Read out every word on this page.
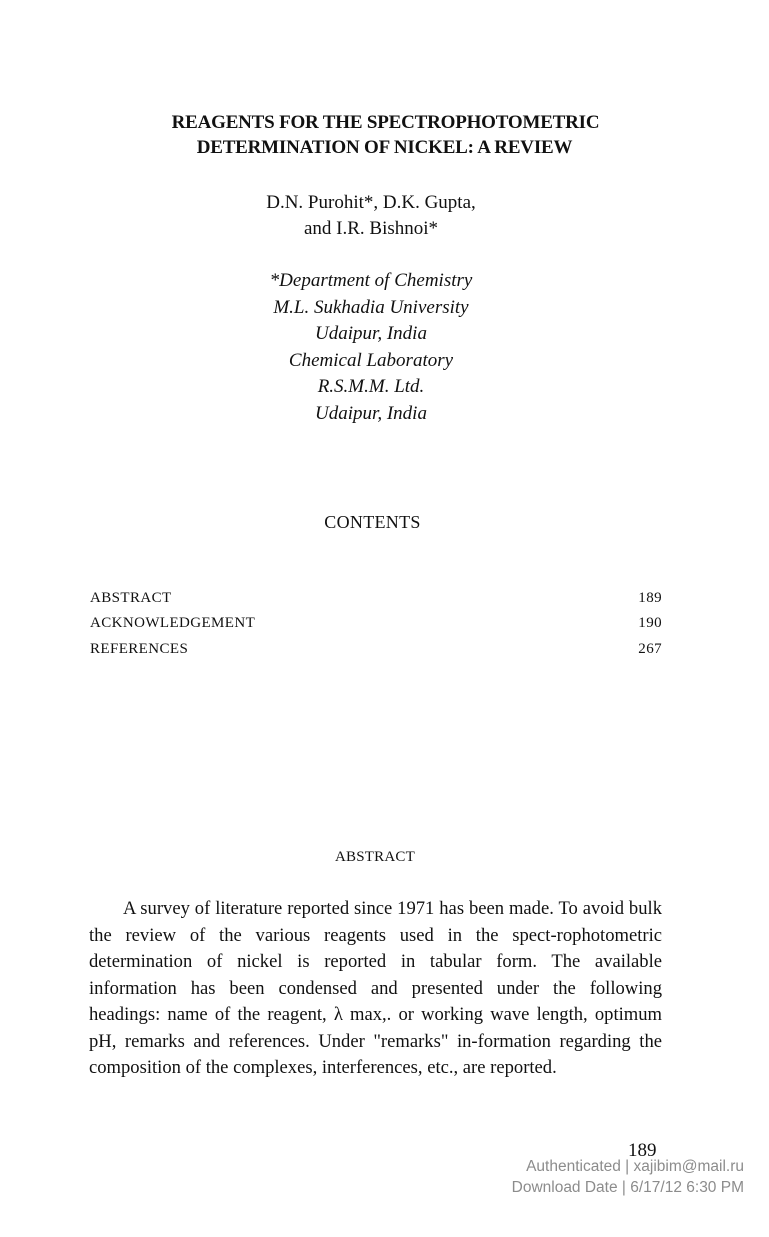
REAGENTS FOR THE SPECTROPHOTOMETRIC
DETERMINATION OF NICKEL: A REVIEW
D.N. Purohit*, D.K. Gupta,
and I.R. Bishnoi*
*Department of Chemistry
M.L. Sukhadia University
Udaipur, India
Chemical Laboratory
R.S.M.M. Ltd.
Udaipur, India
CONTENTS
ABSTRACT	189
ACKNOWLEDGEMENT	190
REFERENCES	267
ABSTRACT

A survey of literature reported since 1971 has been made. To avoid bulk the review of the various reagents used in the spect-rophotometric determination of nickel is reported in tabular form. The available information has been condensed and presented under the following headings: name of the reagent, λ max,. or working wave length, optimum pH, remarks and references. Under "remarks" in-formation regarding the composition of the complexes, interferences, etc., are reported.

189
Authenticated | xajibim@mail.ru
Download Date | 6/17/12 6:30 PM
